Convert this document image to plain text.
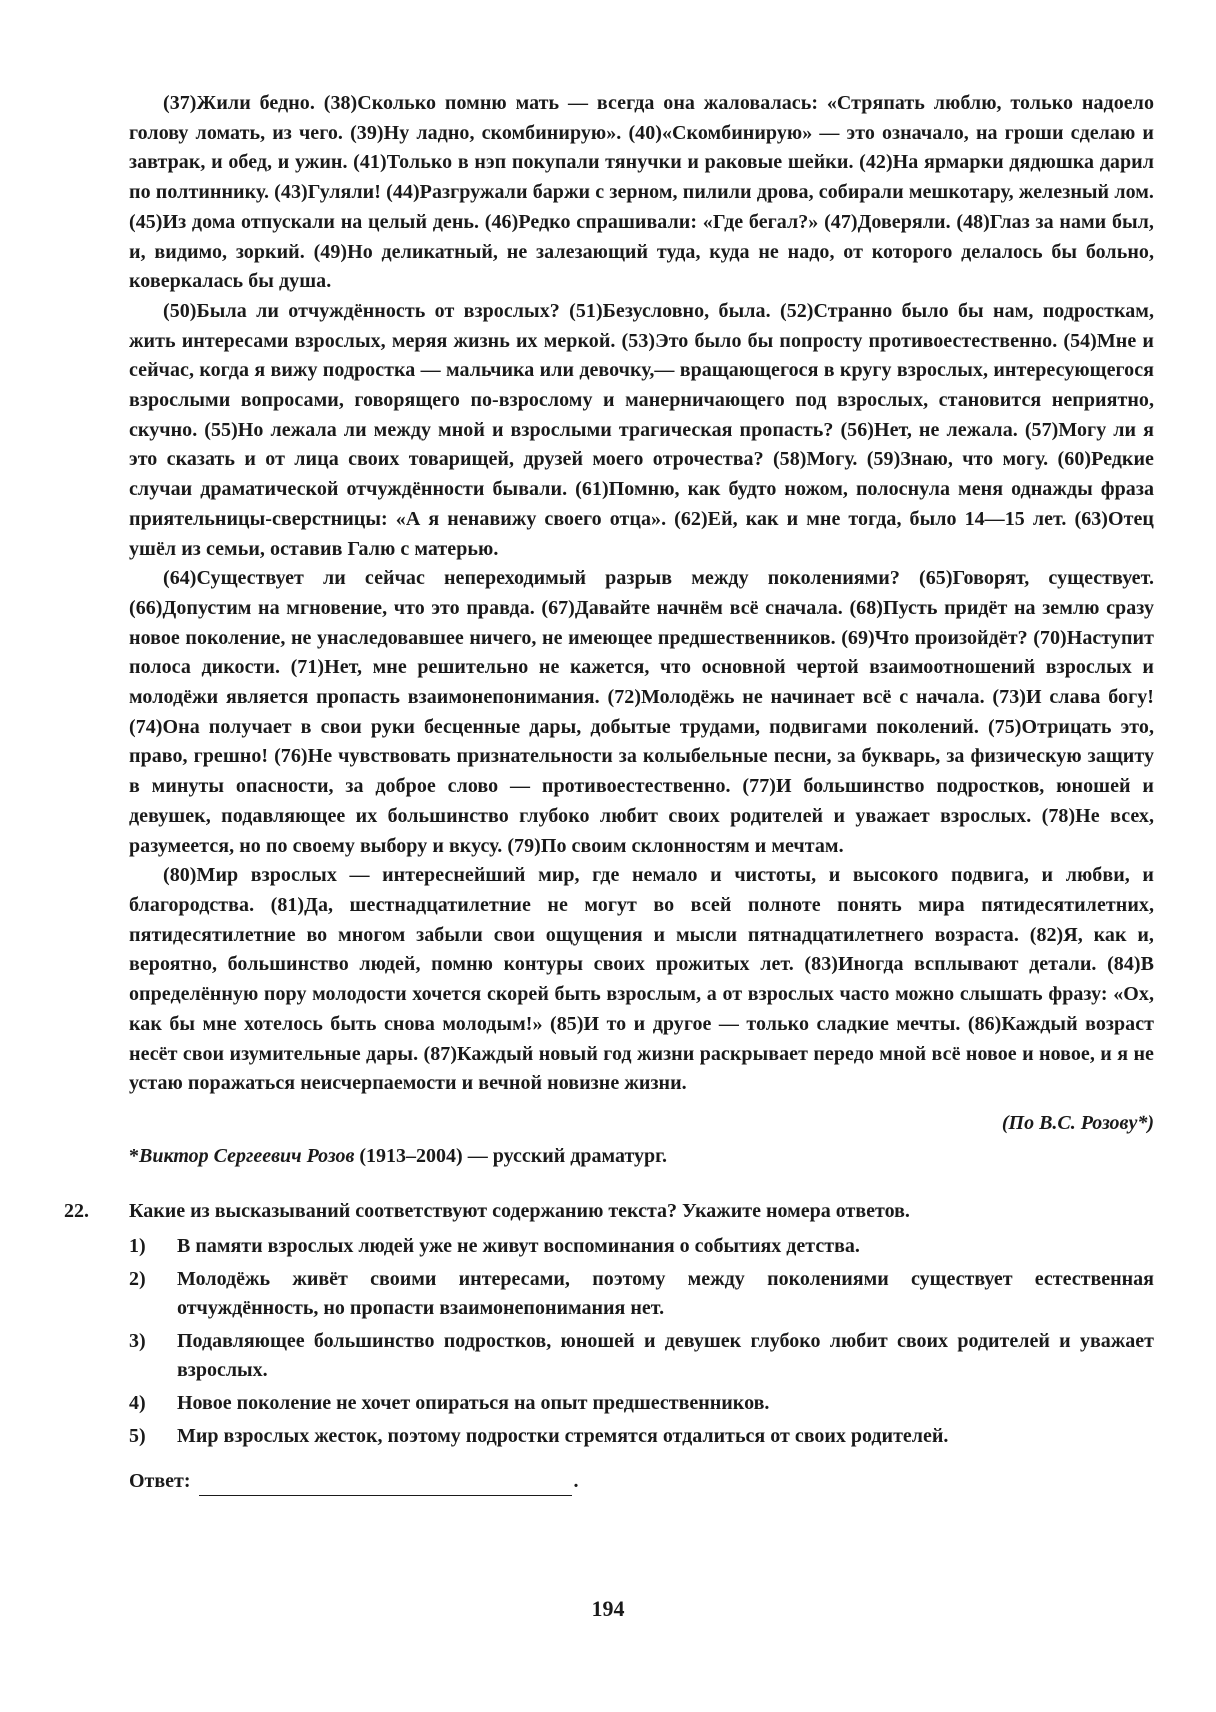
(37)Жили бедно. (38)Сколько помню мать — всегда она жаловалась: «Стряпать люблю, только надоело голову ломать, из чего. (39)Ну ладно, скомбинирую». (40)«Скомбинирую» — это означало, на гроши сделаю и завтрак, и обед, и ужин. (41)Только в нэп покупали тянучки и раковые шейки. (42)На ярмарки дядюшка дарил по полтиннику. (43)Гуляли! (44)Разгружали баржи с зерном, пилили дрова, собирали мешкотару, железный лом. (45)Из дома отпускали на целый день. (46)Редко спрашивали: «Где бегал?» (47)Доверяли. (48)Глаз за нами был, и, видимо, зоркий. (49)Но деликатный, не залезающий туда, куда не надо, от которого делалось бы больно, коверкалась бы душа.

(50)Была ли отчуждённость от взрослых? (51)Безусловно, была. (52)Странно было бы нам, подросткам, жить интересами взрослых, меряя жизнь их меркой. (53)Это было бы попросту противоестественно. (54)Мне и сейчас, когда я вижу подростка — мальчика или девочку,— вращающегося в кругу взрослых, интересующегося взрослыми вопросами, говорящего по-взрослому и манерничающего под взрослых, становится неприятно, скучно. (55)Но лежала ли между мной и взрослыми трагическая пропасть? (56)Нет, не лежала. (57)Могу ли я это сказать и от лица своих товарищей, друзей моего отрочества? (58)Могу. (59)Знаю, что могу. (60)Редкие случаи драматической отчуждённости бывали. (61)Помню, как будто ножом, полоснула меня однажды фраза приятельницы-сверстницы: «А я ненавижу своего отца». (62)Ей, как и мне тогда, было 14—15 лет. (63)Отец ушёл из семьи, оставив Галю с матерью.

(64)Существует ли сейчас непереходимый разрыв между поколениями? (65)Говорят, существует. (66)Допустим на мгновение, что это правда. (67)Давайте начнём всё сначала. (68)Пусть придёт на землю сразу новое поколение, не унаследовавшее ничего, не имеющее предшественников. (69)Что произойдёт? (70)Наступит полоса дикости. (71)Нет, мне решительно не кажется, что основной чертой взаимоотношений взрослых и молодёжи является пропасть взаимонепонимания. (72)Молодёжь не начинает всё с начала. (73)И слава богу! (74)Она получает в свои руки бесценные дары, добытые трудами, подвигами поколений. (75)Отрицать это, право, грешно! (76)Не чувствовать признательности за колыбельные песни, за букварь, за физическую защиту в минуты опасности, за доброе слово — противоестественно. (77)И большинство подростков, юношей и девушек, подавляющее их большинство глубоко любит своих родителей и уважает взрослых. (78)Не всех, разумеется, но по своему выбору и вкусу. (79)По своим склонностям и мечтам.

(80)Мир взрослых — интереснейший мир, где немало и чистоты, и высокого подвига, и любви, и благородства. (81)Да, шестнадцатилетние не могут во всей полноте понять мира пятидесятилетних, пятидесятилетние во многом забыли свои ощущения и мысли пятнадцатилетнего возраста. (82)Я, как и, вероятно, большинство людей, помню контуры своих прожитых лет. (83)Иногда всплывают детали. (84)В определённую пору молодости хочется скорей быть взрослым, а от взрослых часто можно слышать фразу: «Ох, как бы мне хотелось быть снова молодым!» (85)И то и другое — только сладкие мечты. (86)Каждый возраст несёт свои изумительные дары. (87)Каждый новый год жизни раскрывает передо мной всё новое и новое, и я не устаю поражаться неисчерпаемости и вечной новизне жизни.

(По В.С. Розову*)

*Виктор Сергеевич Розов (1913–2004) — русский драматург.

22. Какие из высказываний соответствуют содержанию текста? Укажите номера ответов.

1) В памяти взрослых людей уже не живут воспоминания о событиях детства.
2) Молодёжь живёт своими интересами, поэтому между поколениями существует естественная отчуждённость, но пропасти взаимонепонимания нет.
3) Подавляющее большинство подростков, юношей и девушек глубоко любит своих родителей и уважает взрослых.
4) Новое поколение не хочет опираться на опыт предшественников.
5) Мир взрослых жесток, поэтому подростки стремятся отдалиться от своих родителей.
Ответ:	.
194
